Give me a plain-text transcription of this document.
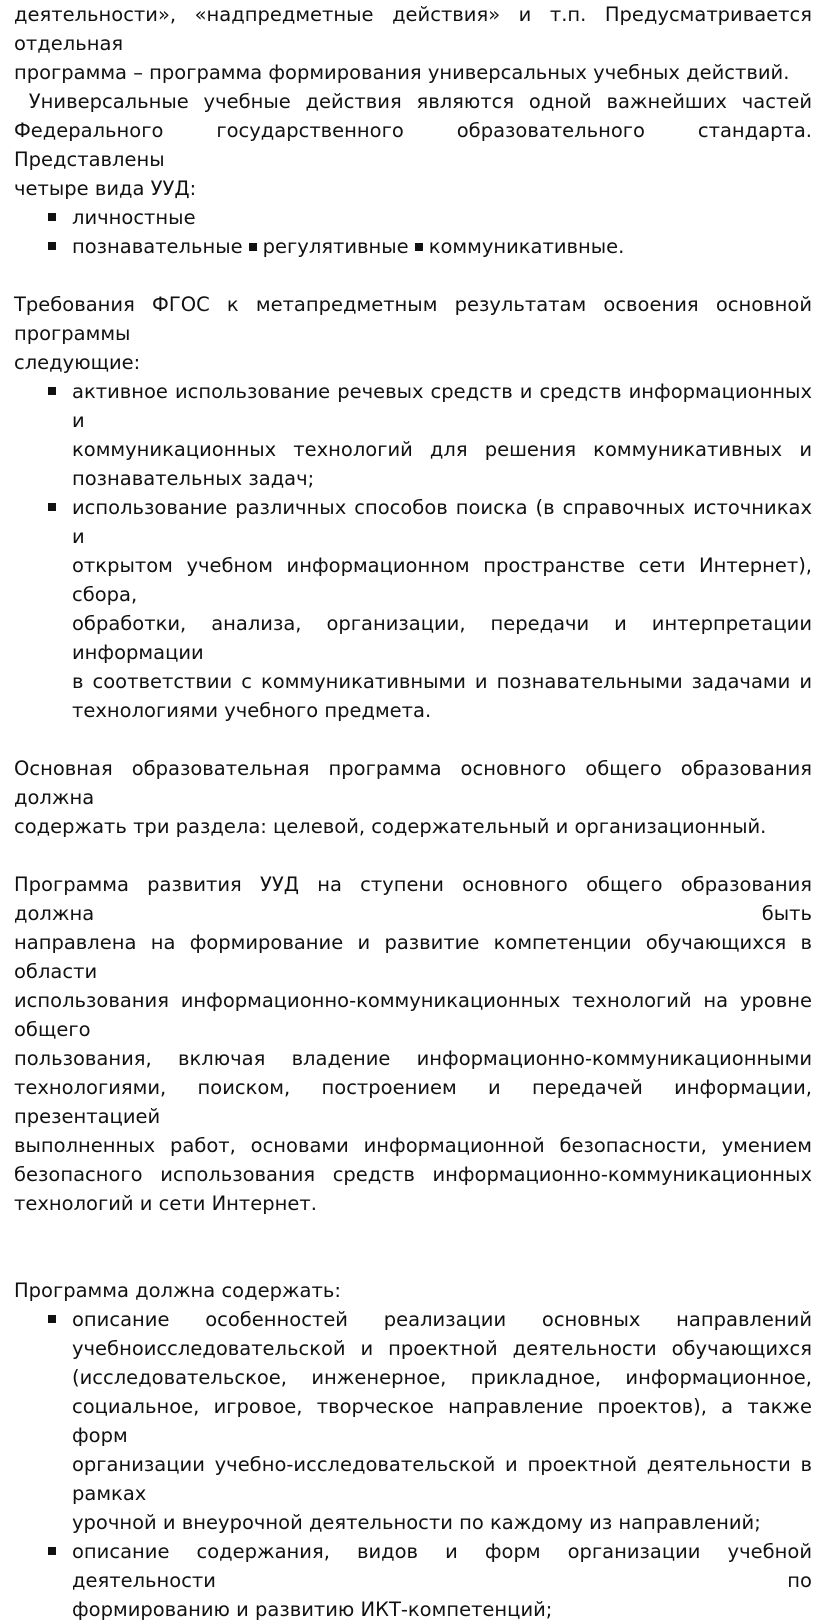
деятельности», «надпредметные действия» и т.п. Предусматривается отдельная
программа – программа формирования универсальных учебных действий.
Универсальные учебные действия являются одной важнейших частей
Федерального государственного образовательного стандарта. Представлены
четыре вида УУД:
личностные
познавательные регулятивные коммуникативные.
Требования ФГОС к метапредметным результатам освоения основной программы
следующие:
активное использование речевых средств и средств информационных и
коммуникационных технологий для решения коммуникативных и
познавательных задач;
использование различных способов поиска (в справочных источниках и
открытом учебном информационном пространстве сети Интернет), сбора,
обработки, анализа, организации, передачи и интерпретации информации
в соответствии с коммуникативными и познавательными задачами и
технологиями учебного предмета.
Основная образовательная программа основного общего образования должна
содержать три раздела: целевой, содержательный и организационный.
Программа развития УУД на ступени основного общего образования должна быть
направлена на формирование и развитие компетенции обучающихся в области
использования информационно-коммуникационных технологий на уровне общего
пользования, включая владение информационно-коммуникационными
технологиями, поиском, построением и передачей информации, презентацией
выполненных работ, основами информационной безопасности, умением
безопасного использования средств информационно-коммуникационных
технологий и сети Интернет.
Программа должна содержать:
описание особенностей реализации основных направлений
учебноисследовательской и проектной деятельности обучающихся
(исследовательское, инженерное, прикладное, информационное,
социальное, игровое, творческое направление проектов), а также форм
организации учебно-исследовательской и проектной деятельности в рамках
урочной и внеурочной деятельности по каждому из направлений;
описание содержания, видов и форм организации учебной деятельности по
формированию и развитию ИКТ-компетенций;
